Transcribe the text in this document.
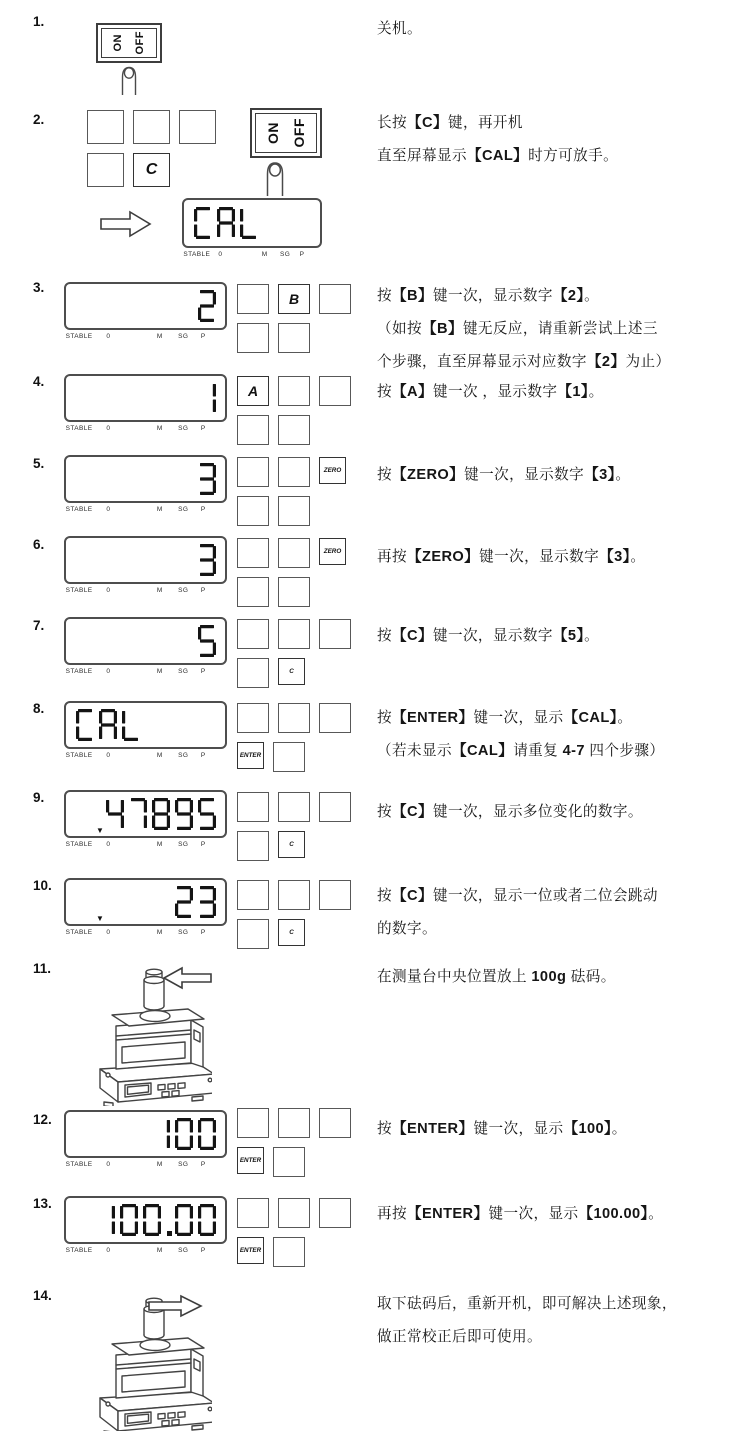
1.
ON OFF
关机。
2.
C
ON OFF
STABLE 0	M SG P
长按【C】键，再开机
直至屏幕显示【CAL】时方可放手。
3.
STABLE 0	M SG P
B	按【B】键一次，显示数字【2】。
（如按【B】键无反应，请重新尝试上述三
个步骤，直至屏幕显示对应数字【2】为止）
4.
STABLE 0	M SG P
A	按【A】键一次 ，显示数字【1】。
5.
STABLE 0	M SG P
ZERO	按【ZERO】键一次，显示数字【3】。
6.
STABLE 0	M SG P
ZERO	再按【ZERO】键一次，显示数字【3】。
7.
STABLE 0	M SG P	C
按【C】键一次，显示数字【5】。
8.
STABLE 0	M SG P	ENTER
按【ENTER】键一次，显示【CAL】。
（若未显示【CAL】请重复 4-7 四个步骤）
9.
▼
STABLE 0	M SG P	C
按【C】键一次，显示多位变化的数字。
10.
▼
STABLE 0	M SG P	C
按【C】键一次，显示一位或者二位会跳动
的数字。
11.
在测量台中央位置放上 100g 砝码。
12.
STABLE 0	M SG P
ENTER
按【ENTER】键一次，显示【100】。
13.
STABLE 0	M SG P	ENTER
再按【ENTER】键一次，显示【100.00】。
14.
取下砝码后，重新开机，即可解决上述现象，
做正常校正后即可使用。
